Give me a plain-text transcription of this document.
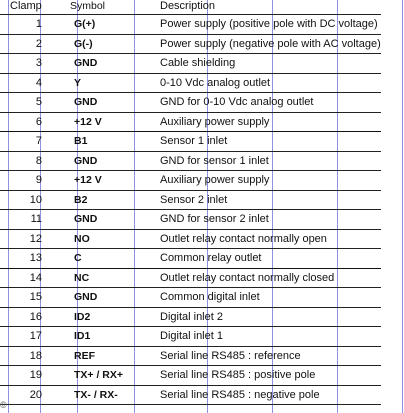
Clamp	Symbol	Description
1	G(+)	Power supply (positive pole with DC voltage)
2	G(-)	Power supply (negative pole with AC voltage)
3	GND	Cable shielding
4	Y	0-10 Vdc analog outlet
5	GND	GND for 0-10 Vdc analog outlet
6	+12 V	Auxiliary power supply
7	B1	Sensor 1 inlet
8	GND	GND for sensor 1 inlet
9	+12 V	Auxiliary power supply
10	B2	Sensor 2 inlet
11	GND	GND for sensor 2 inlet
12	NO	Outlet relay contact normally open
13	C	Common relay outlet
14	NC	Outlet relay contact normally closed
15	GND	Common digital inlet
16	ID2	Digital inlet 2
17	ID1	Digital inlet 1
18	REF	Serial line RS485 : reference
19	TX+ / RX+	Serial line RS485 : positive pole
20	TX- / RX-	Serial line RS485 : negative pole
©
